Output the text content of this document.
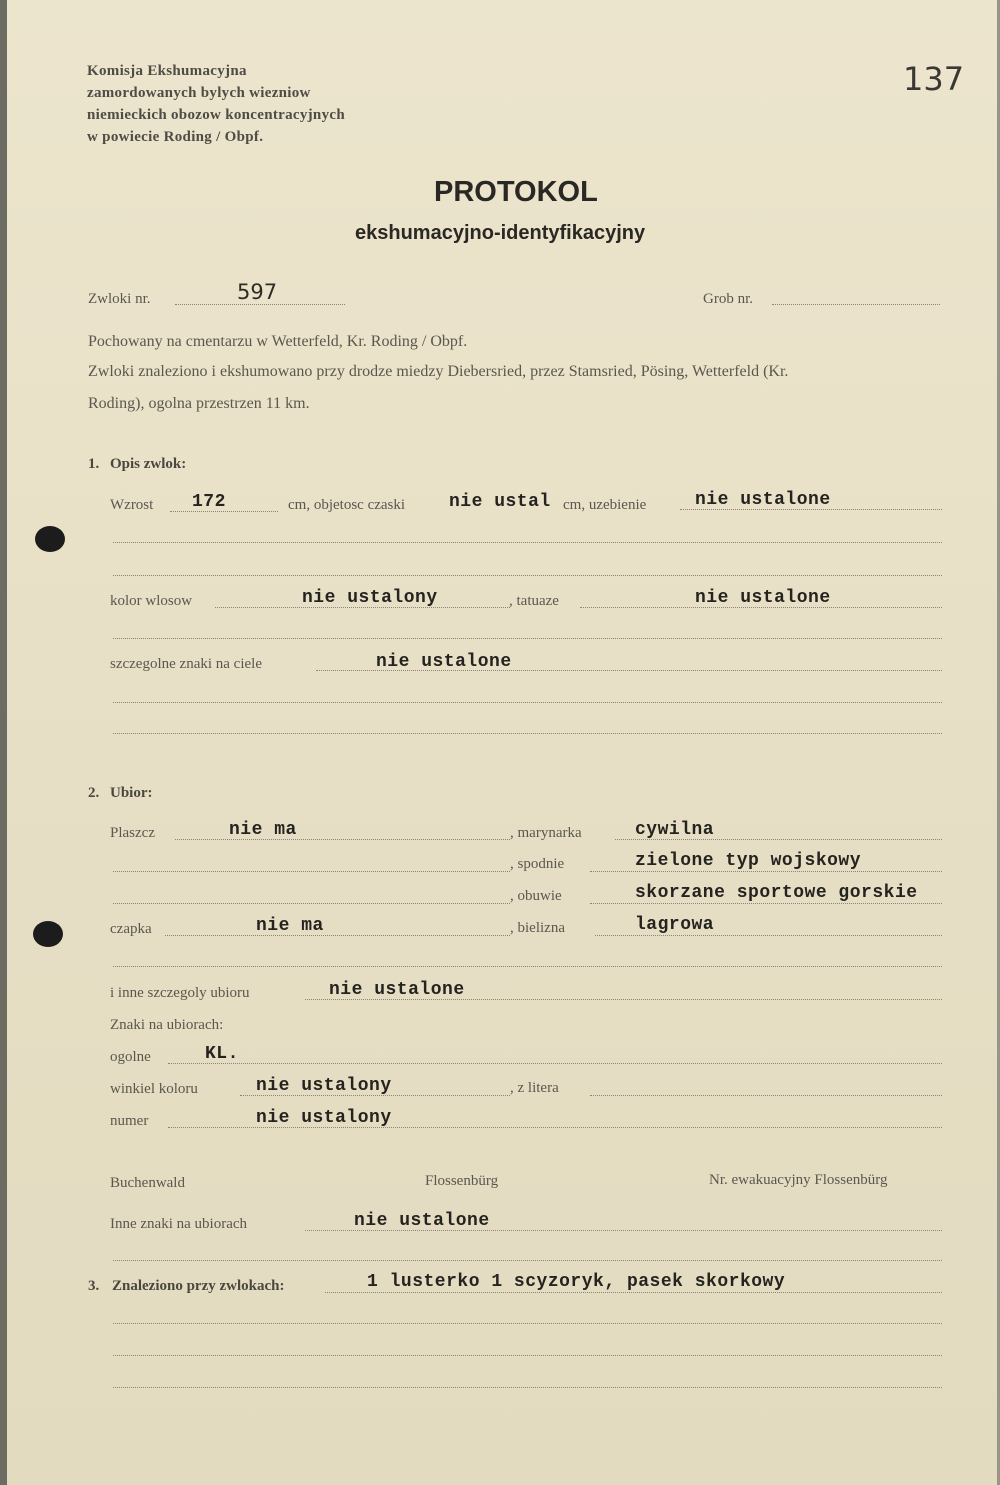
Komisja Ekshumacyjna
zamordowanych bylych wiezniow
niemieckich obozow koncentracyjnych
w powiecie Roding / Obpf.
137
PROTOKOL
ekshumacyjno-identyfikacyjny
Zwloki nr.	597	Grob nr.
Pochowany na cmentarzu w Wetterfeld, Kr. Roding / Obpf.
Zwloki znaleziono i ekshumowano przy drodze miedzy Diebersried, przez Stamsried, Pösing, Wetterfeld (Kr.
Roding), ogolna przestrzen 11 km.
1. Opis zwlok:
Wzrost 172	cm, objetosc czaski nie ustal cm, uzebienie	nie ustalone
kolor wlosow	nie ustalony	, tatuaze	nie ustalone
szczegolne znaki na ciele	nie ustalone
2. Ubior:
Plaszcz	nie ma	, marynarka	cywilna
, spodnie	zielone typ wojskowy
, obuwie	skorzane sportowe gorskie
czapka	nie ma	, bielizna	lagrowa
i inne szczegoly ubioru	nie ustalone
Znaki na ubiorach:
ogolne	KL.
winkiel koloru	nie ustalony	, z litera
numer	nie ustalony
Buchenwald	Flossenbürg	Nr. ewakuacyjny Flossenbürg
Inne znaki na ubiorach	nie ustalone
3. Znaleziono przy zwlokach:	1 lusterko 1 scyzoryk, pasek skorkowy
